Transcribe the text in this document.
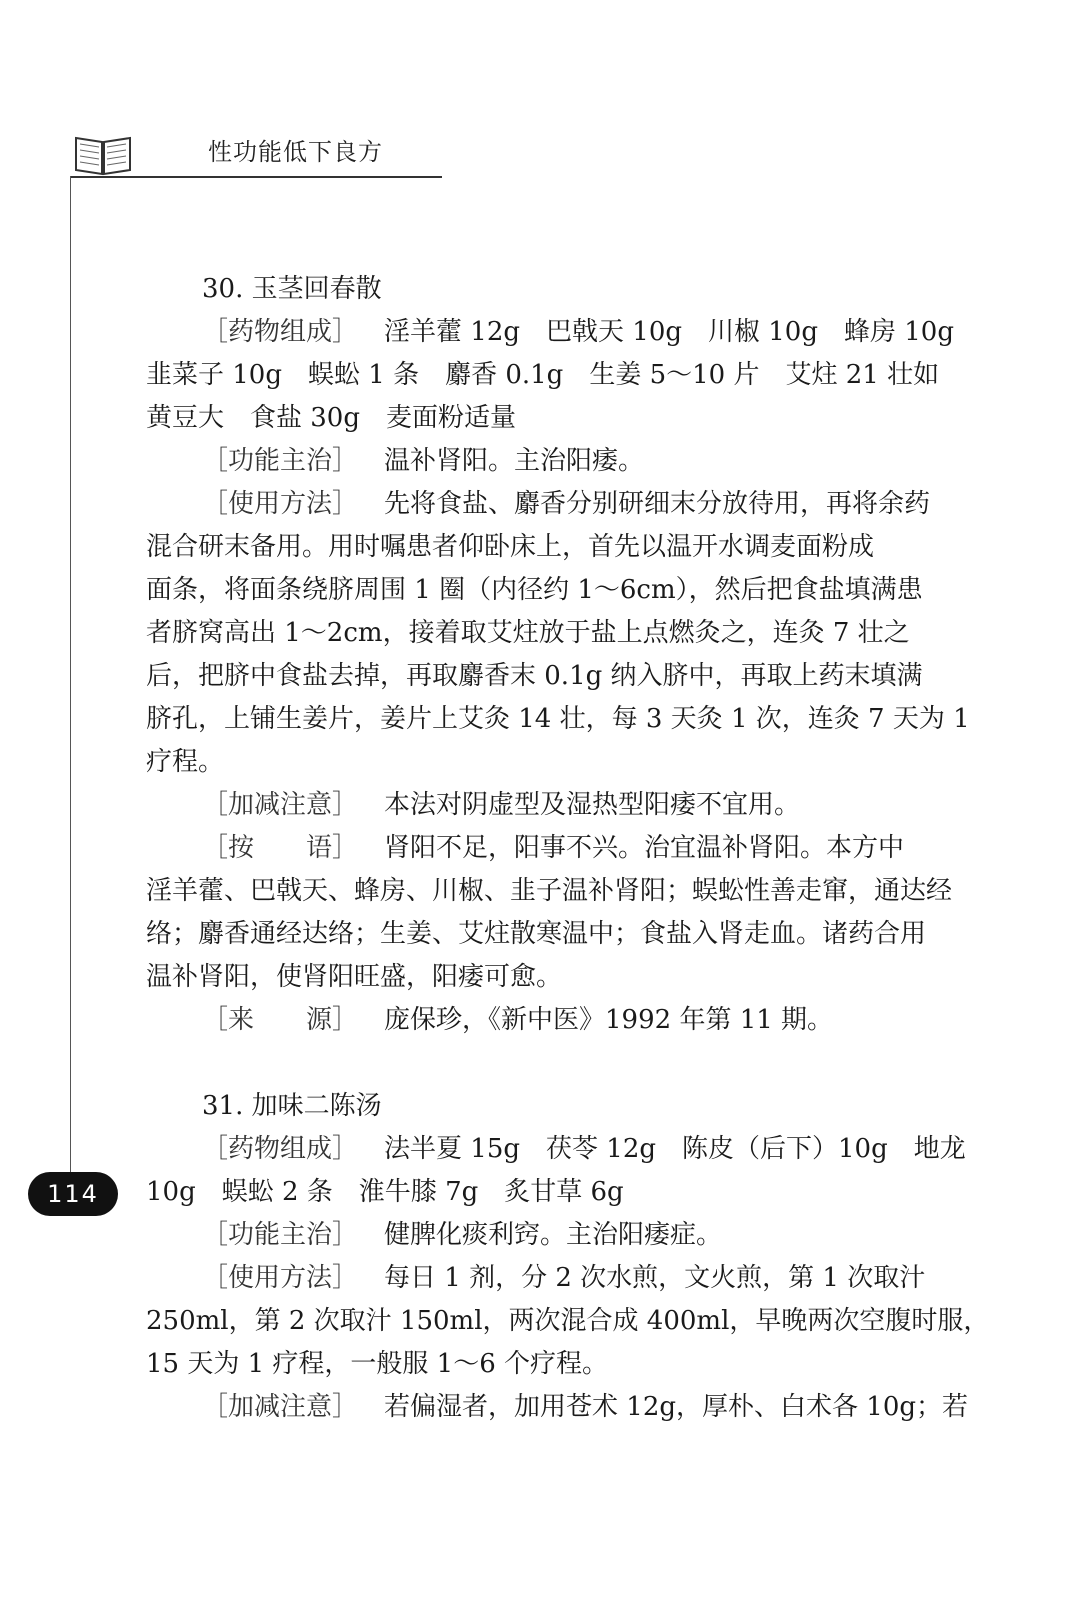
性功能低下良方
114
30. 玉茎回春散
［药物组成］ 淫羊藿 12g　巴戟天 10g　川椒 10g　蜂房 10g
韭菜子 10g　蜈蚣 1 条　麝香 0.1g　生姜 5～10 片　艾炷 21 壮如
黄豆大　食盐 30g　麦面粉适量
［功能主治］ 温补肾阳。主治阳痿。
［使用方法］ 先将食盐、麝香分别研细末分放待用，再将余药
混合研末备用。用时嘱患者仰卧床上，首先以温开水调麦面粉成
面条，将面条绕脐周围 1 圈（内径约 1～6cm），然后把食盐填满患
者脐窝高出 1～2cm，接着取艾炷放于盐上点燃灸之，连灸 7 壮之
后，把脐中食盐去掉，再取麝香末 0.1g 纳入脐中，再取上药末填满
脐孔，上铺生姜片，姜片上艾灸 14 壮，每 3 天灸 1 次，连灸 7 天为 1
疗程。
［加减注意］ 本法对阴虚型及湿热型阳痿不宜用。
［按　　语］ 肾阳不足，阳事不兴。治宜温补肾阳。本方中
淫羊藿、巴戟天、蜂房、川椒、韭子温补肾阳；蜈蚣性善走窜，通达经
络；麝香通经达络；生姜、艾炷散寒温中；食盐入肾走血。诸药合用
温补肾阳，使肾阳旺盛，阳痿可愈。
［来　　源］ 庞保珍，《新中医》1992 年第 11 期。
31. 加味二陈汤
［药物组成］ 法半夏 15g　茯苓 12g　陈皮（后下）10g　地龙
10g　蜈蚣 2 条　淮牛膝 7g　炙甘草 6g
［功能主治］ 健脾化痰利窍。主治阳痿症。
［使用方法］ 每日 1 剂，分 2 次水煎，文火煎，第 1 次取汁
250ml，第 2 次取汁 150ml，两次混合成 400ml，早晚两次空腹时服，
15 天为 1 疗程，一般服 1～6 个疗程。
［加减注意］ 若偏湿者，加用苍术 12g，厚朴、白术各 10g；若
